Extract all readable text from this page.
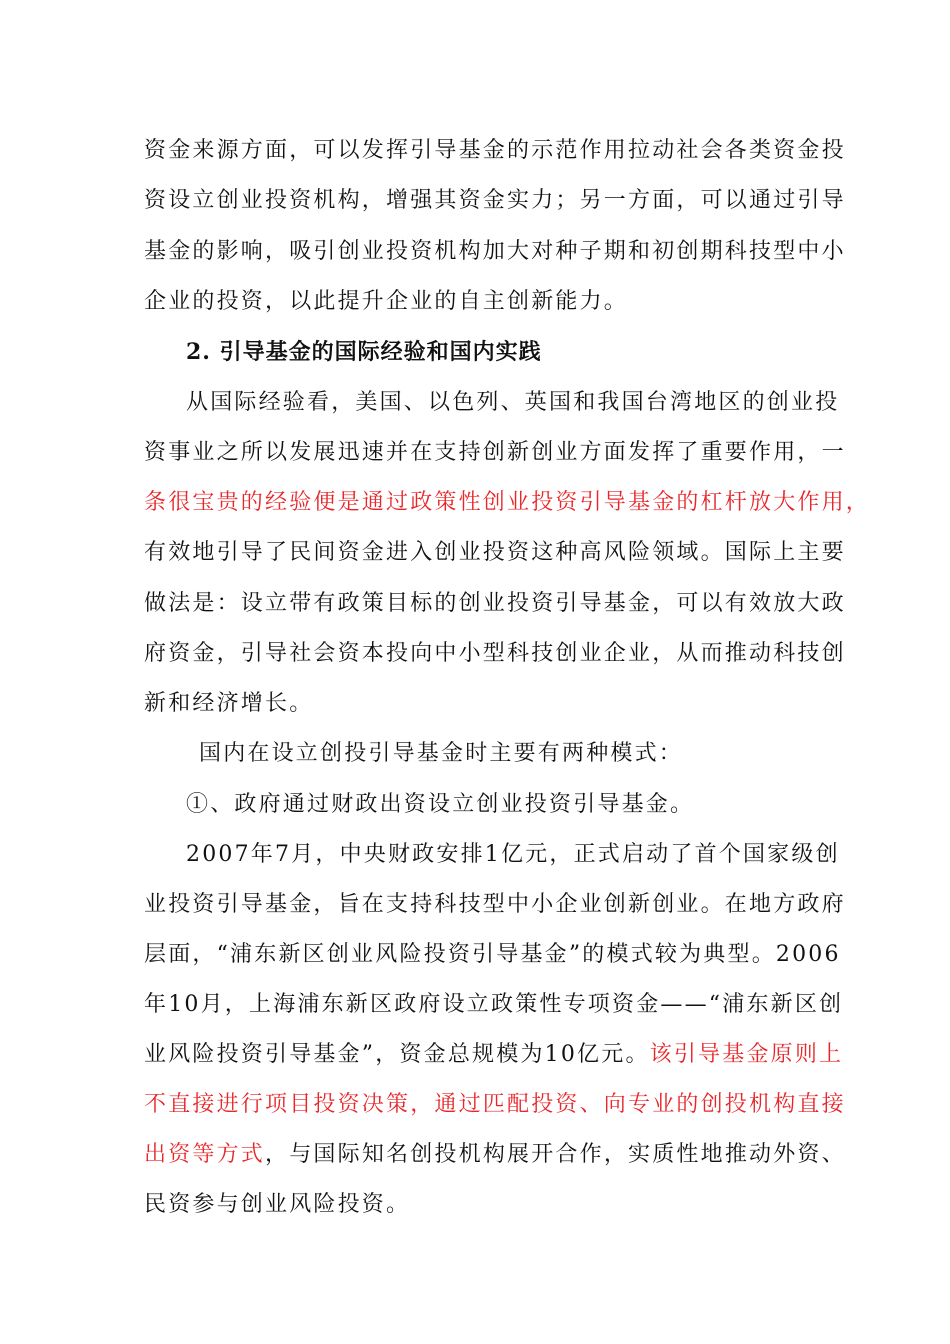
资金来源方面，可以发挥引导基金的示范作用拉动社会各类资金投
资设立创业投资机构，增强其资金实力；另一方面，可以通过引导
基金的影响，吸引创业投资机构加大对种子期和初创期科技型中小
企业的投资，以此提升企业的自主创新能力。
2. 引导基金的国际经验和国内实践
从国际经验看，美国、以色列、英国和我国台湾地区的创业投
资事业之所以发展迅速并在支持创新创业方面发挥了重要作用，一
条很宝贵的经验便是通过政策性创业投资引导基金的杠杆放大作用，
有效地引导了民间资金进入创业投资这种高风险领域。国际上主要
做法是：设立带有政策目标的创业投资引导基金，可以有效放大政
府资金，引导社会资本投向中小型科技创业企业，从而推动科技创
新和经济增长。
国内在设立创投引导基金时主要有两种模式：
①、政府通过财政出资设立创业投资引导基金。
2007年7月，中央财政安排1亿元，正式启动了首个国家级创
业投资引导基金，旨在支持科技型中小企业创新创业。在地方政府
层面，“浦东新区创业风险投资引导基金”的模式较为典型。2006
年10月，上海浦东新区政府设立政策性专项资金——“浦东新区创
业风险投资引导基金”，资金总规模为10亿元。该引导基金原则上
不直接进行项目投资决策，通过匹配投资、向专业的创投机构直接
出资等方式，与国际知名创投机构展开合作，实质性地推动外资、
民资参与创业风险投资。
